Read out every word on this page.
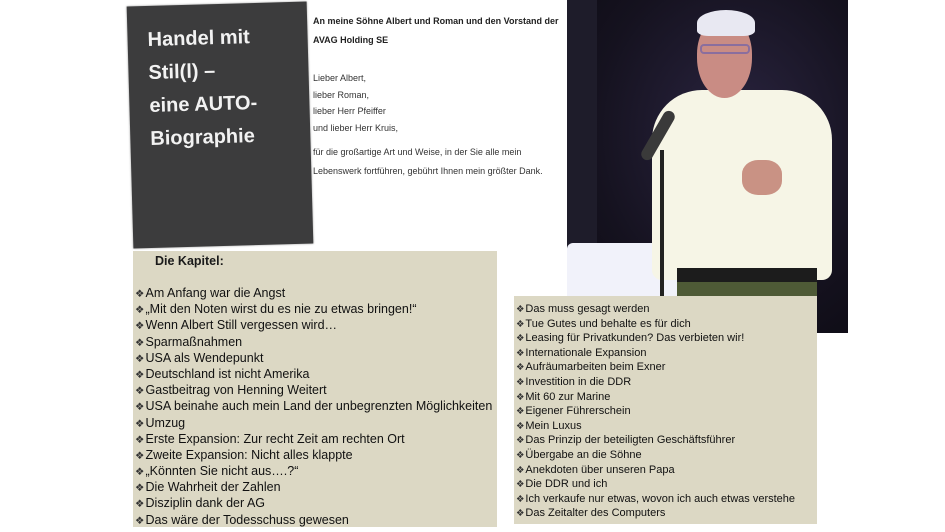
Handel mit
Stil(l) –
eine AUTO-
Biographie
An meine Söhne Albert und Roman und den Vorstand der
AVAG Holding SE
Lieber Albert,
lieber Roman,
lieber Herr Pfeiffer
und lieber Herr Kruis,
für die großartige Art und Weise, in der Sie alle mein
Lebenswerk fortführen, gebührt Ihnen mein größter Dank.
Die Kapitel:
❖Am Anfang war die Angst
❖„Mit den Noten wirst du es nie zu etwas bringen!“
❖Wenn Albert Still vergessen wird…
❖Sparmaßnahmen
❖USA als Wendepunkt
❖Deutschland ist nicht Amerika
❖Gastbeitrag von Henning Weitert
❖USA beinahe auch mein Land der unbegrenzten Möglichkeiten
❖Umzug
❖Erste Expansion: Zur recht Zeit am rechten Ort
❖Zweite Expansion: Nicht alles klappte
❖„Könnten Sie nicht aus….?“
❖Die Wahrheit der Zahlen
❖Disziplin dank der AG
❖Das wäre der Todesschuss gewesen
❖Das muss gesagt werden
❖Tue Gutes und behalte es für dich
❖Leasing für Privatkunden? Das verbieten wir!
❖Internationale Expansion
❖Aufräumarbeiten beim Exner
❖Investition in die DDR
❖Mit 60 zur Marine
❖Eigener Führerschein
❖Mein Luxus
❖Das Prinzip der beteiligten Geschäftsführer
❖Übergabe an die Söhne
❖Anekdoten über unseren Papa
❖Die DDR und ich
❖Ich verkaufe nur etwas, wovon ich auch etwas verstehe
❖Das Zeitalter des Computers
